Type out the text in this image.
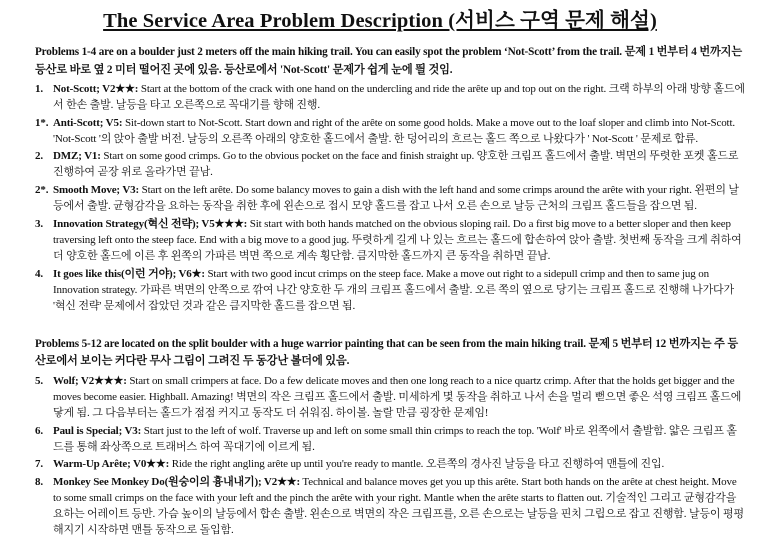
The Service Area Problem Description (서비스 구역 문제 해설)

Problems 1-4 are on a boulder just 2 meters off the main hiking trail. You can easily spot the problem ‘Not-Scott’ from the trail. 문제 1 번부터 4 번까지는 등산로 바로 옆 2 미터 떨어진 곳에 있음. 등산로에서 'Not-Scott' 문제가 쉽게 눈에 띌 것임.

1. Not-Scott; V2★★: Start at the bottom of the crack with one hand on the undercling and ride the arête up and top out on the right. 크랙 하부의 아래 방향 홀드에서 한손 출발. 날등을 타고 오른쪽으로 꼭대기를 향해 진행.
1*. Anti-Scott; V5: Sit-down start to Not-Scott. Start down and right of the arête on some good holds. Make a move out to the loaf sloper and climb into Not-Scott. 'Not-Scott '의 앉아 출발 버전. 날등의 오른쪽 아래의 양호한 홀드에서 출발. 한 덩어리의 흐르는 홀드 쪽으로 나왔다가 ' Not-Scott ' 문제로 합류.
2. DMZ; V1: Start on some good crimps. Go to the obvious pocket on the face and finish straight up. 양호한 크림프 홀드에서 출발. 벽면의 뚜렷한 포켓 홀드로 진행하여 곧장 위로 올라가면 끝남.
2*. Smooth Move; V3: Start on the left arête. Do some balancy moves to gain a dish with the left hand and some crimps around the arête with your right. 왼편의 날등에서 출발. 균형감각을 요하는 동작을 취한 후에 왼손으로 접시 모양 홀드를 잡고 나서 오른 손으로 날등 근처의 크림프 홀드들을 잡으면 됨.
3. Innovation Strategy(혁신 전략); V5★★★: Sit start with both hands matched on the obvious sloping rail. Do a first big move to a better sloper and then keep traversing left onto the steep face. End with a big move to a good jug. 뚜렷하게 길게 나 있는 흐르는 홀드에 합손하여 앉아 출발. 첫번째 동작을 크게 취하여 더 양호한 홀드에 이른 후 왼쪽의 가파른 벽면 쪽으로 계속 횡단함. 큼지막한 홀드까지 큰 동작을 취하면 끝남.
4. It goes like this(이런 거야); V6★: Start with two good incut crimps on the steep face. Make a move out right to a sidepull crimp and then to same jug on Innovation strategy. 가파른 벽면의 안쪽으로 깎여 나간 양호한 두 개의 크림프 홀드에서 출발. 오른 쪽의 옆으로 당기는 크림프 홀드로 진행해 나가다가 '혁신 전략' 문제에서 잡았던 것과 같은 큼지막한 홀드를 잡으면 됨.

Problems 5-12 are located on the split boulder with a huge warrior painting that can be seen from the main hiking trail. 문제 5 번부터 12 번까지는 주 등산로에서 보이는 커다란 무사 그림이 그려진 두 동강난 볼더에 있음.

5. Wolf; V2★★★: Start on small crimpers at face. Do a few delicate moves and then one long reach to a nice quartz crimp. After that the holds get bigger and the moves become easier. Highball. Amazing! 벽면의 작은 크림프 홀드에서 출발. 미세하게 몇 동작을 취하고 나서 손을 멀리 뻗으면 좋은 석영 크림프 홀드에 닿게 됨. 그 다음부터는 홀드가 점점 커지고 동작도 더 쉬워짐. 하이볼. 놀랄 만큼 굉장한 문제임!
6. Paul is Special; V3: Start just to the left of wolf. Traverse up and left on some small thin crimps to reach the top. 'Wolf' 바로 왼쪽에서 출발함. 얇은 크림프 홀드를 통해 좌상쪽으로 트래버스 하여 꼭대기에 이르게 됨.
7. Warm-Up Arête; V0★★: Ride the right angling arête up until you're ready to mantle. 오른쪽의 경사진 날등을 타고 진행하여 맨틀에 진입.
8. Monkey See Monkey Do(원숭이의 흉내내기); V2★★: Technical and balance moves get you up this arête. Start both hands on the arête at chest height. Move to some small crimps on the face with your left and the pinch the arête with your right. Mantle when the arête starts to flatten out. 기술적인 그리고 균형감각을 요하는 어레이트 등반. 가슴 높이의 날등에서 합손 출발. 왼손으로 벽면의 작은 크림프를, 오른 손으로는 날등을 핀치 그립으로 잡고 진행함. 날등이 평평해지기 시작하면 맨틀 동작으로 돌입함.
